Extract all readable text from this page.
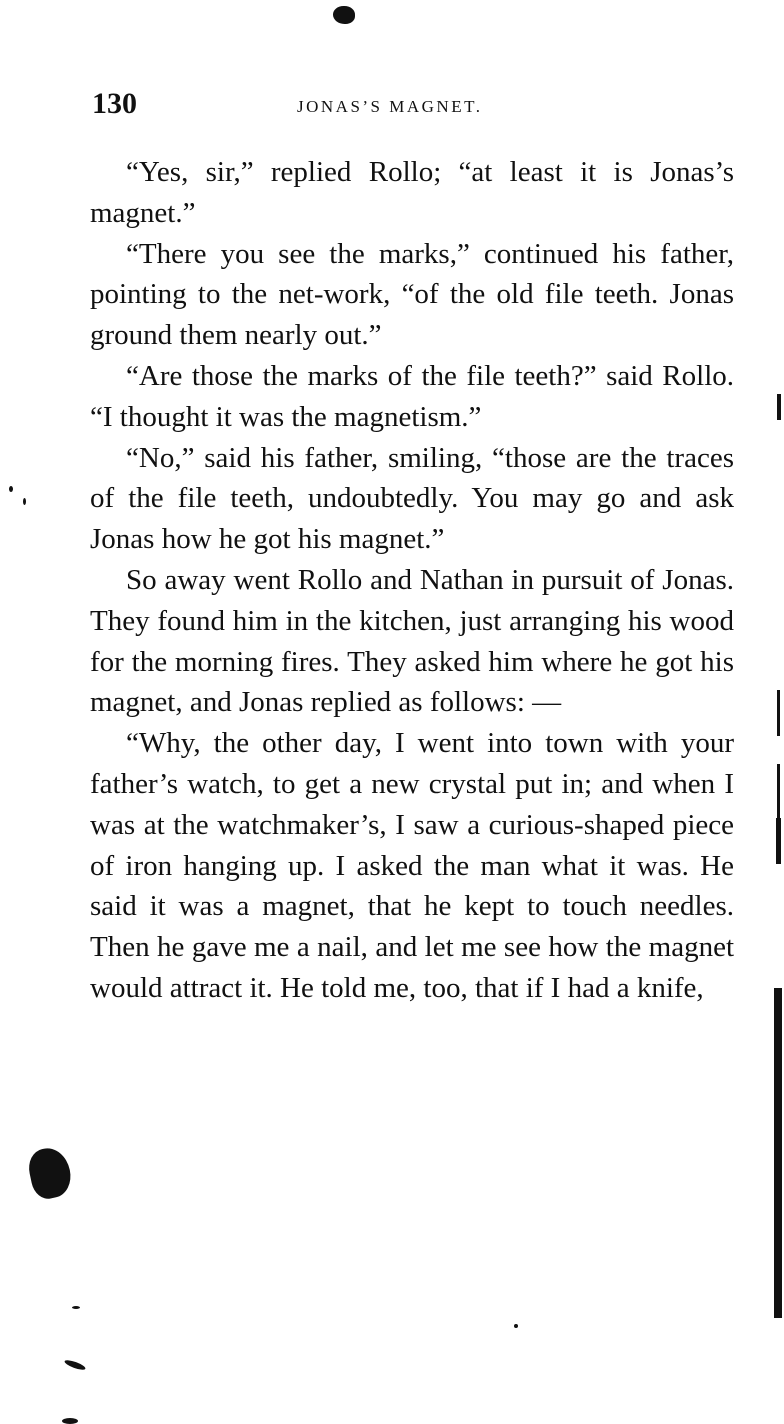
130	JONAS’S MAGNET.

“Yes, sir,” replied Rollo; “at least it is Jonas’s magnet.”

“There you see the marks,” continued his father, pointing to the net-work, “of the old file teeth. Jonas ground them nearly out.”

“Are those the marks of the file teeth?” said Rollo. “I thought it was the magnetism.”

“No,” said his father, smiling, “those are the traces of the file teeth, undoubtedly. You may go and ask Jonas how he got his magnet.”

So away went Rollo and Nathan in pursuit of Jonas. They found him in the kitchen, just arranging his wood for the morning fires. They asked him where he got his magnet, and Jonas replied as follows: —

“Why, the other day, I went into town with your father’s watch, to get a new crystal put in; and when I was at the watchmaker’s, I saw a curious-shaped piece of iron hanging up. I asked the man what it was. He said it was a magnet, that he kept to touch needles. Then he gave me a nail, and let me see how the magnet would attract it. He told me, too, that if I had a knife,
